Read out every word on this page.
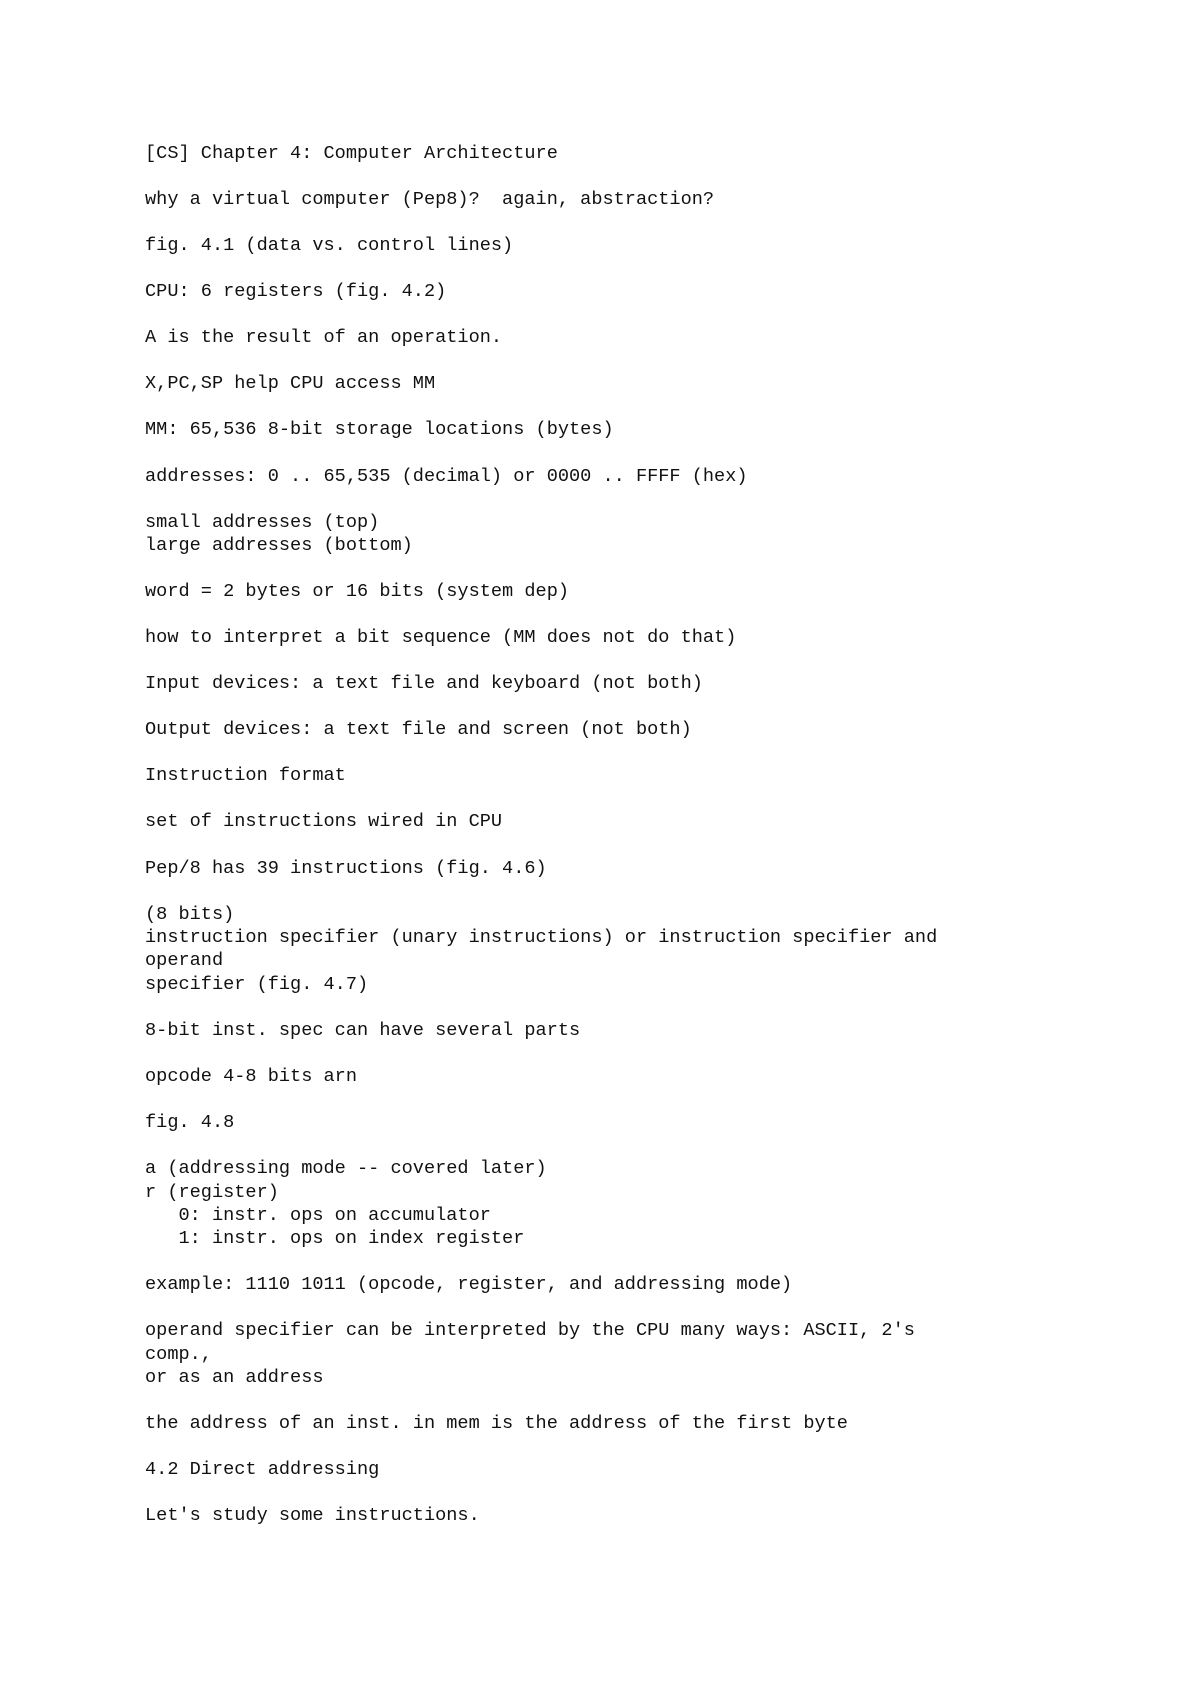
[CS] Chapter 4: Computer Architecture
why a virtual computer (Pep8)?  again, abstraction?
fig. 4.1 (data vs. control lines)
CPU: 6 registers (fig. 4.2)
A is the result of an operation.
X,PC,SP help CPU access MM
MM: 65,536 8-bit storage locations (bytes)
addresses: 0 .. 65,535 (decimal) or 0000 .. FFFF (hex)
small addresses (top)
large addresses (bottom)
word = 2 bytes or 16 bits (system dep)
how to interpret a bit sequence (MM does not do that)
Input devices: a text file and keyboard (not both)
Output devices: a text file and screen (not both)
Instruction format
set of instructions wired in CPU
Pep/8 has 39 instructions (fig. 4.6)
(8 bits)
instruction specifier (unary instructions) or instruction specifier and
operand
specifier (fig. 4.7)
8-bit inst. spec can have several parts
opcode 4-8 bits arn
fig. 4.8
a (addressing mode -- covered later)
r (register)
0: instr. ops on accumulator
1: instr. ops on index register
example: 1110 1011 (opcode, register, and addressing mode)
operand specifier can be interpreted by the CPU many ways: ASCII, 2's
comp.,
or as an address
the address of an inst. in mem is the address of the first byte
4.2 Direct addressing
Let's study some instructions.
